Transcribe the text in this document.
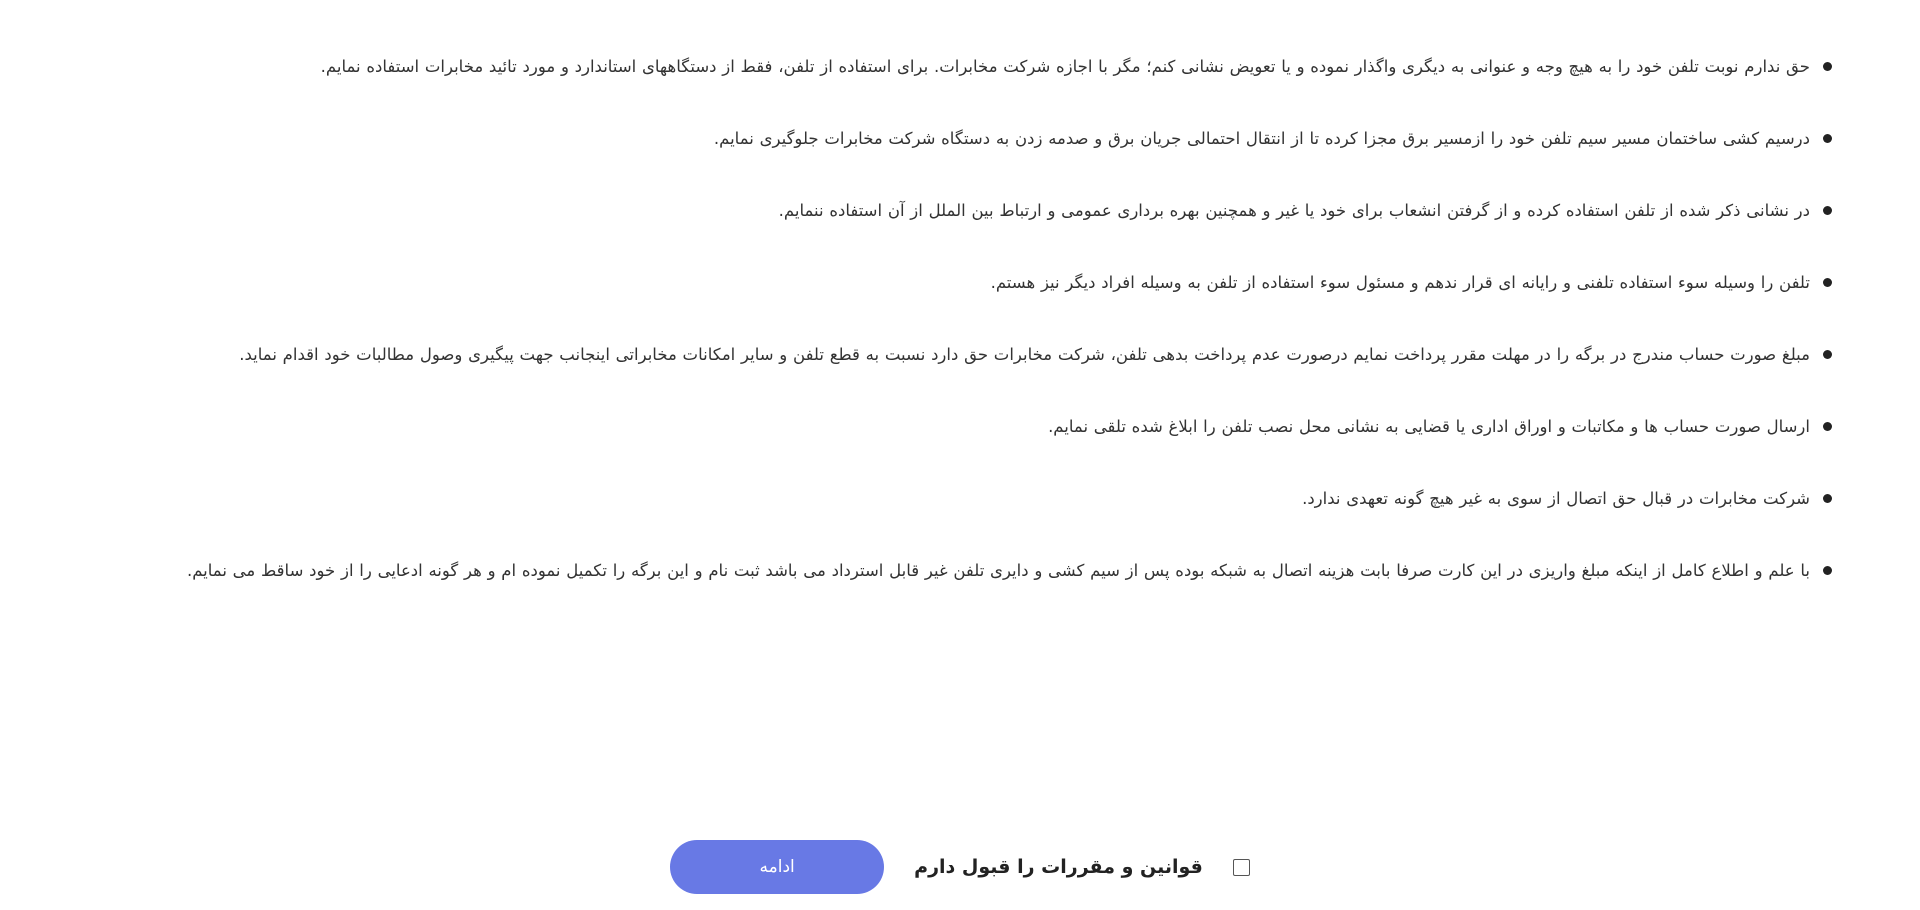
حق ندارم نوبت تلفن خود را به هیچ وجه و عنوانی به دیگری واگذار نموده و یا تعویض نشانی کنم؛ مگر با اجازه شرکت مخابرات. برای استفاده از تلفن، فقط از دستگاههای استاندارد و مورد تائید مخابرات استفاده نمایم.
درسیم کشی ساختمان مسیر سیم تلفن خود را ازمسیر برق مجزا کرده تا از انتقال احتمالی جریان برق و صدمه زدن به دستگاه شرکت مخابرات جلوگیری نمایم.
در نشانی ذکر شده از تلفن استفاده کرده و از گرفتن انشعاب برای خود یا غیر و همچنین بهره برداری عمومی و ارتباط بین الملل از آن استفاده ننمایم.
تلفن را وسیله سوء استفاده تلفنی و رایانه ای قرار ندهم و مسئول سوء استفاده از تلفن به وسیله افراد دیگر نیز هستم.
مبلغ صورت حساب مندرج در برگه را در مهلت مقرر پرداخت نمایم درصورت عدم پرداخت بدهی تلفن، شرکت مخابرات حق دارد نسبت به قطع تلفن و سایر امکانات مخابراتی اینجانب جهت پیگیری وصول مطالبات خود اقدام نماید.
ارسال صورت حساب ها و مکاتبات و اوراق اداری یا قضایی به نشانی محل نصب تلفن را ابلاغ شده تلقی نمایم.
شرکت مخابرات در قبال حق اتصال از سوی به غیر هیچ گونه تعهدی ندارد.
با علم و اطلاع کامل از اینکه مبلغ واریزی در این کارت صرفا بابت هزینه اتصال به شبکه بوده پس از سیم کشی و دایری تلفن غیر قابل استرداد می باشد ثبت نام و این برگه را تکمیل نموده ام و هر گونه ادعایی را از خود ساقط می نمایم.
قوانین و مقررات را قبول دارم
ادامه
